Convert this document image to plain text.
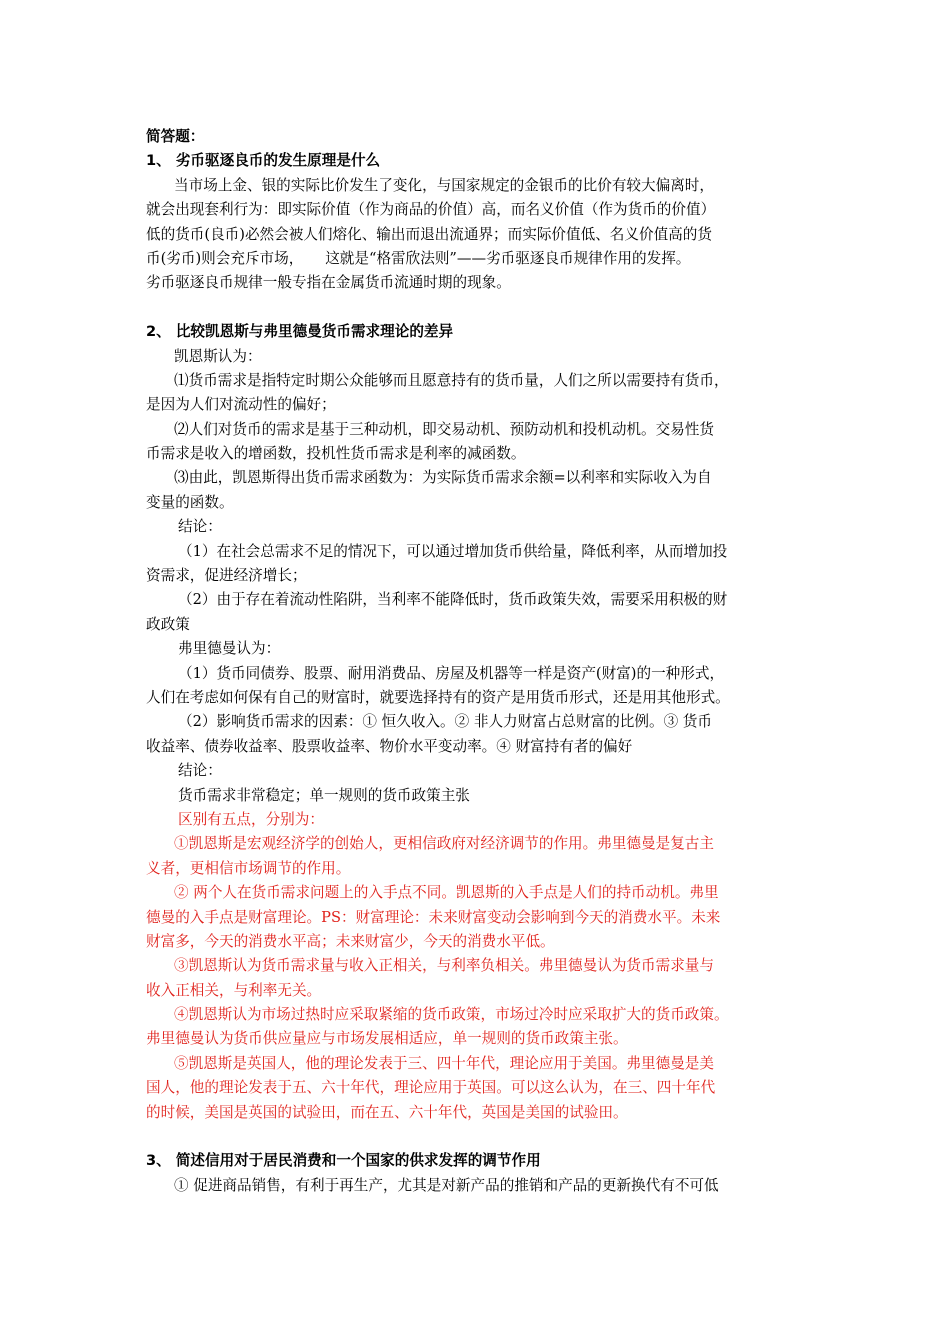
简答题：
1、 劣币驱逐良币的发生原理是什么
当市场上金、银的实际比价发生了变化，与国家规定的金银币的比价有较大偏离时，
就会出现套利行为：即实际价值（作为商品的价值）高，而名义价值（作为货币的价值）
低的货币(良币)必然会被人们熔化、输出而退出流通界；而实际价值低、名义价值高的货
币(劣币)则会充斥市场，　　这就是“格雷欣法则”——劣币驱逐良币规律作用的发挥。
劣币驱逐良币规律一般专指在金属货币流通时期的现象。
2、 比较凯恩斯与弗里德曼货币需求理论的差异
凯恩斯认为：
⑴货币需求是指特定时期公众能够而且愿意持有的货币量，人们之所以需要持有货币，
是因为人们对流动性的偏好；
⑵人们对货币的需求是基于三种动机，即交易动机、预防动机和投机动机。交易性货
币需求是收入的增函数，投机性货币需求是利率的减函数。
⑶由此，凯恩斯得出货币需求函数为：为实际货币需求余额=以利率和实际收入为自
变量的函数。
结论：
（1）在社会总需求不足的情况下，可以通过增加货币供给量，降低利率，从而增加投
资需求，促进经济增长；
（2）由于存在着流动性陷阱，当利率不能降低时，货币政策失效，需要采用积极的财
政政策
弗里德曼认为：
（1）货币同债券、股票、耐用消费品、房屋及机器等一样是资产(财富)的一种形式，
人们在考虑如何保有自己的财富时，就要选择持有的资产是用货币形式，还是用其他形式。
（2）影响货币需求的因素：① 恒久收入。② 非人力财富占总财富的比例。③ 货币
收益率、债券收益率、股票收益率、物价水平变动率。④ 财富持有者的偏好
结论：
货币需求非常稳定；单一规则的货币政策主张
区别有五点，分别为：
①凯恩斯是宏观经济学的创始人，更相信政府对经济调节的作用。弗里德曼是复古主
义者，更相信市场调节的作用。
② 两个人在货币需求问题上的入手点不同。凯恩斯的入手点是人们的持币动机。弗里
德曼的入手点是财富理论。PS：财富理论：未来财富变动会影响到今天的消费水平。未来
财富多，今天的消费水平高；未来财富少，今天的消费水平低。
③凯恩斯认为货币需求量与收入正相关，与利率负相关。弗里德曼认为货币需求量与
收入正相关，与利率无关。
④凯恩斯认为市场过热时应采取紧缩的货币政策，市场过冷时应采取扩大的货币政策。
弗里德曼认为货币供应量应与市场发展相适应，单一规则的货币政策主张。
⑤凯恩斯是英国人，他的理论发表于三、四十年代，理论应用于美国。弗里德曼是美
国人，他的理论发表于五、六十年代，理论应用于英国。可以这么认为，在三、四十年代
的时候，美国是英国的试验田，而在五、六十年代，英国是美国的试验田。
3、 简述信用对于居民消费和一个国家的供求发挥的调节作用
① 促进商品销售，有利于再生产，尤其是对新产品的推销和产品的更新换代有不可低
